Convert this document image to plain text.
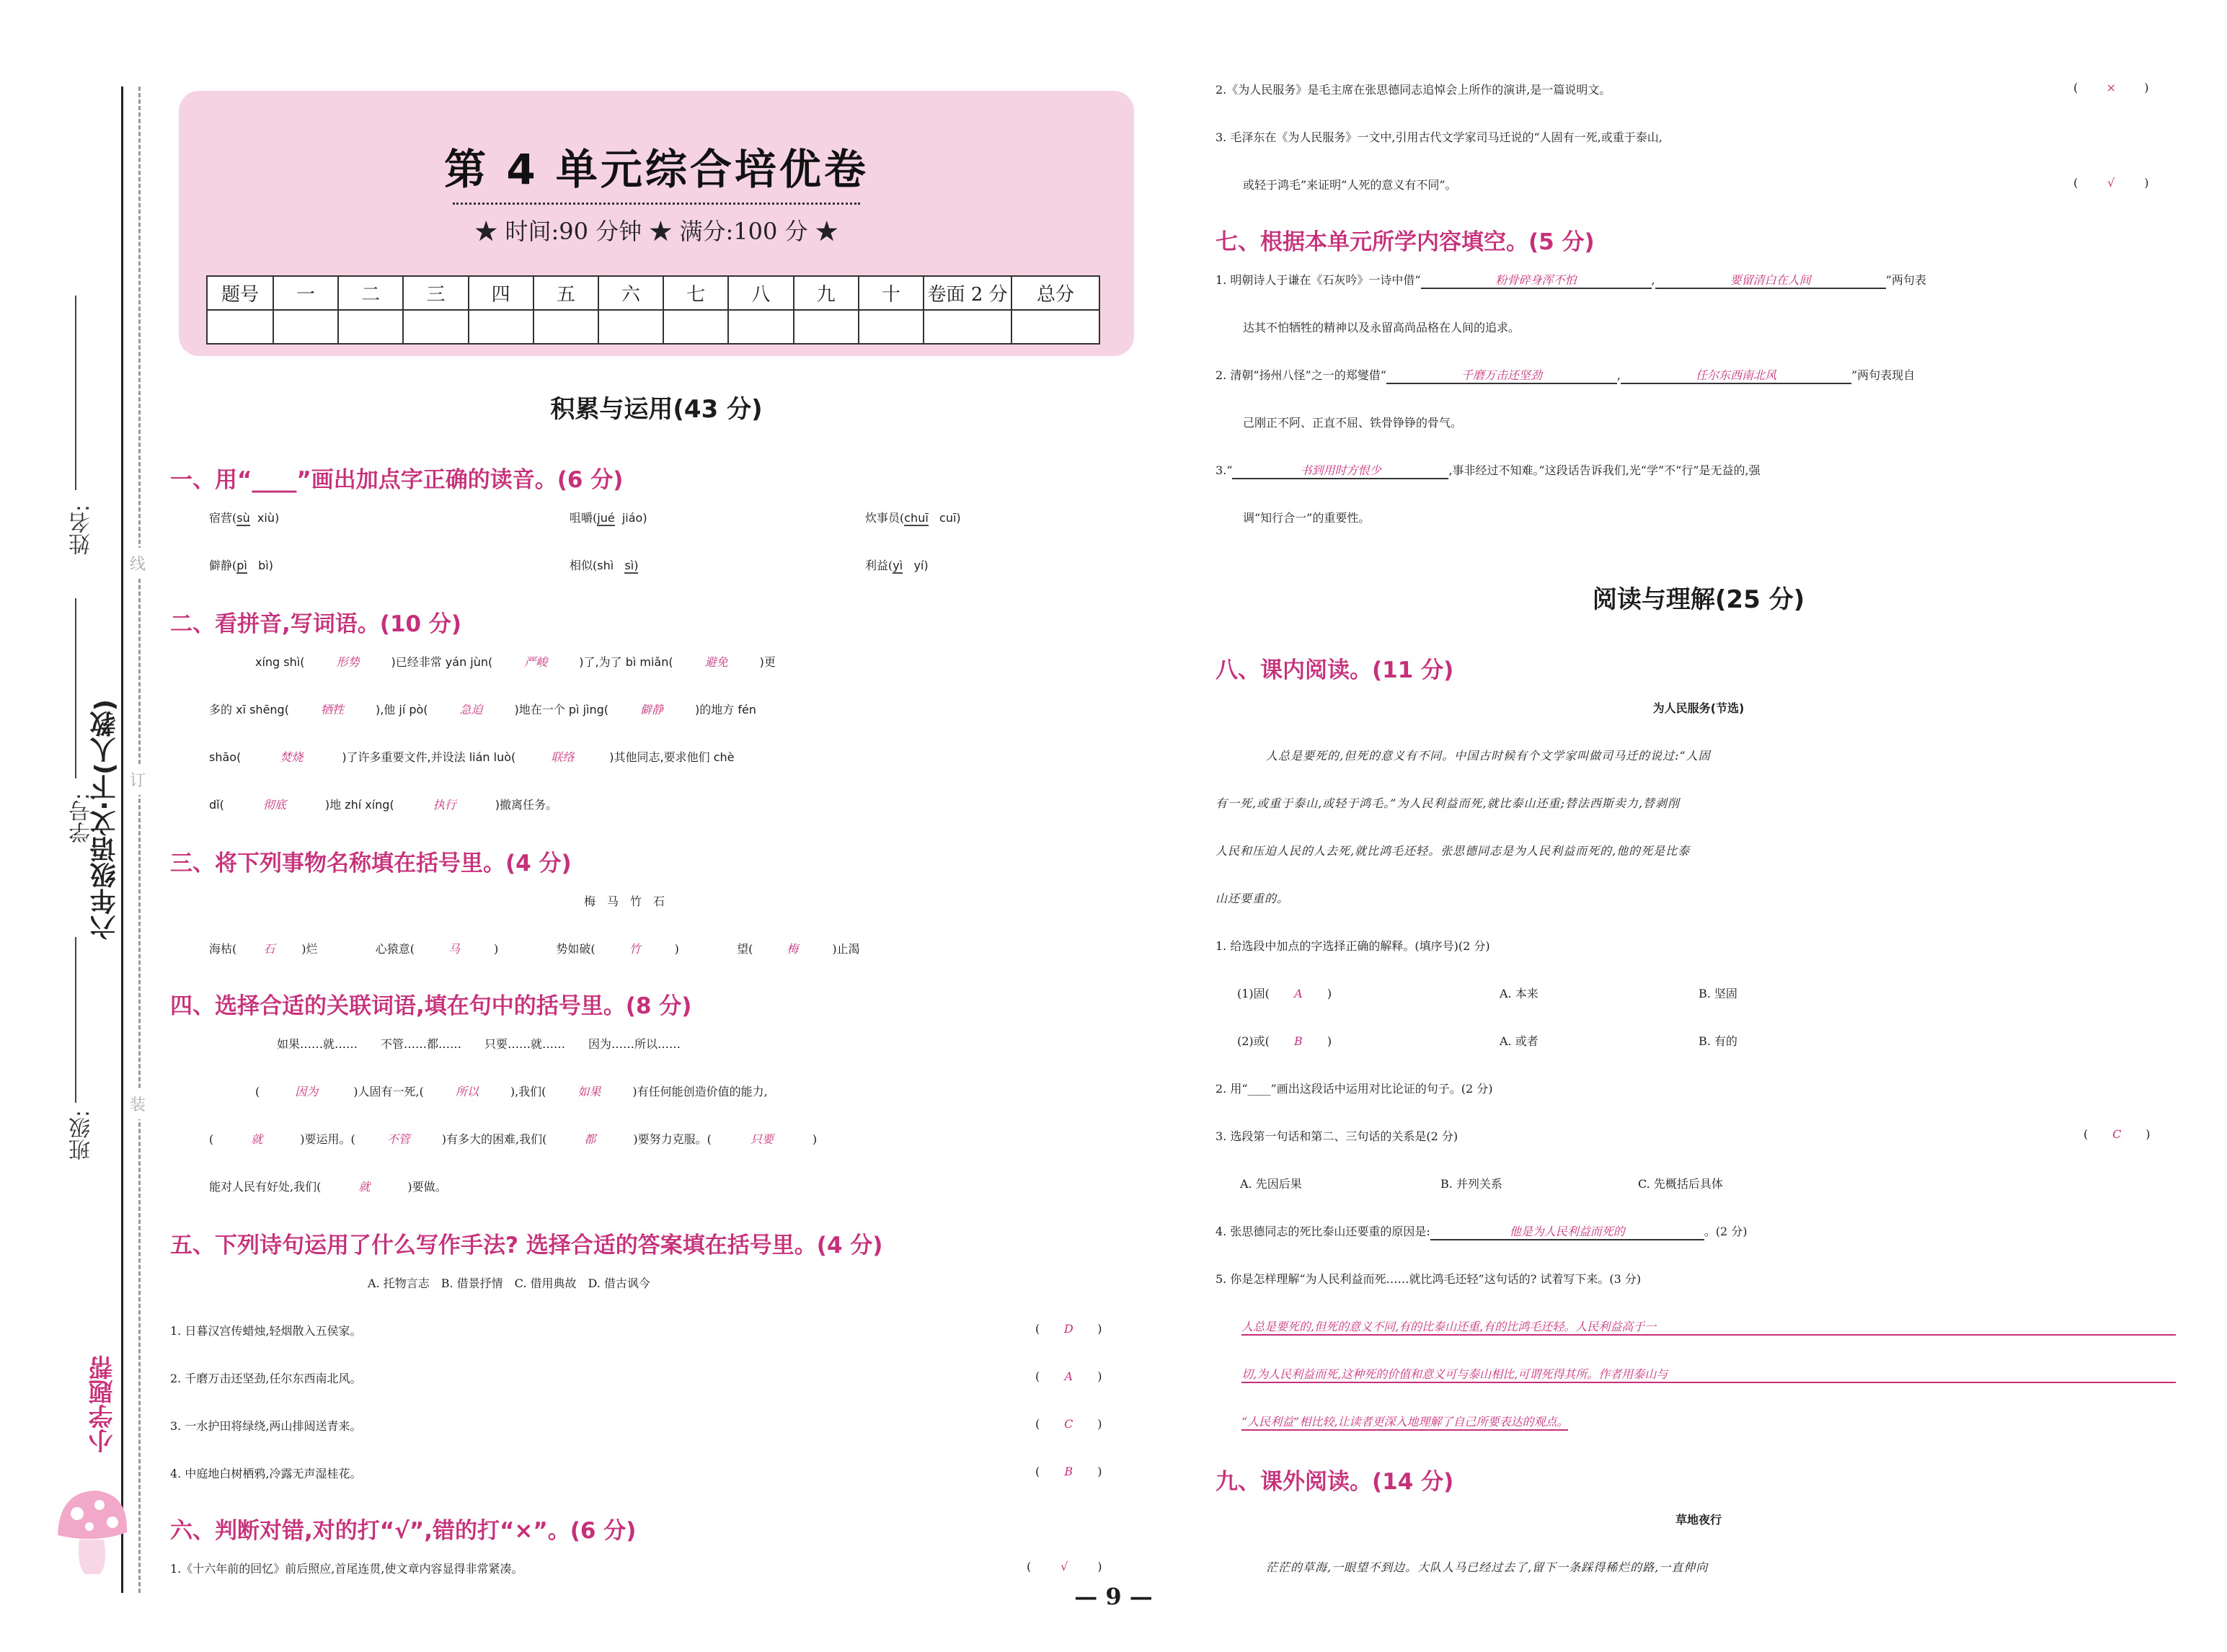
班级:
学号:
姓名:
线
订
装
六年级语文·下(人教)
小学题帮
第 4 单元综合培优卷
★ 时间:90 分钟 ★ 满分:100 分 ★
题号	一	二	三	四	五	六	七	八	九	十	卷面 2 分	总分

积累与运用(43 分)
一、用“____”画出加点字正确的读音。(6 分)
宿营(sù xiù)	咀嚼(jué jiáo)	炊事员(chuī cuī)
僻静(pì bì)	相似(shì sì)	利益(yì yí)
二、看拼音,写词语。(10 分)
xíng shì(	形势	)已经非常 yán jùn(	严峻	)了,为了 bì miǎn(	避免	)更
多的 xī shēng(	牺牲	),他 jí pò(	急迫	)地在一个 pì jìng(	僻静	)的地方 fén
shāo(	焚烧	)了许多重要文件,并设法 lián luò(	联络	)其他同志,要求他们 chè
dǐ(	彻底	)地 zhí xíng(	执行	)撤离任务。
三、将下列事物名称填在括号里。(4 分)
梅　马　竹　石
海枯( 石 )烂	心猿意(	马	)	势如破(	竹	)	望(	梅	)止渴
四、选择合适的关联词语,填在句中的括号里。(8 分)
如果……就……　　不管……都……　　只要……就……　　因为……所以……
(	因为	)人固有一死,(	所以	),我们(	如果	)有任何能创造价值的能力,
(	就	)要运用。(	不管	)有多大的困难,我们(	都	)要努力克服。(	只要	)
能对人民有好处,我们(	就	)要做。
五、下列诗句运用了什么写作手法? 选择合适的答案填在括号里。(4 分)
A. 托物言志　B. 借景抒情　C. 借用典故　D. 借古讽今
1. 日暮汉宫传蜡烛,轻烟散入五侯家。	( D )
2. 千磨万击还坚劲,任尔东西南北风。	( A )
3. 一水护田将绿绕,两山排闼送青来。	( C )
4. 中庭地白树栖鸦,冷露无声湿桂花。	( B )
六、判断对错,对的打“√”,错的打“×”。(6 分)
1.《十六年前的回忆》前后照应,首尾连贯,使文章内容显得非常紧凑。	(	√	)
2.《为人民服务》是毛主席在张思德同志追悼会上所作的演讲,是一篇说明文。	( × )
3. 毛泽东在《为人民服务》一文中,引用古代文学家司马迁说的“人固有一死,或重于泰山,
或轻于鸿毛”来证明“人死的意义有不同”。	(	√	)
七、根据本单元所学内容填空。(5 分)
1. 明朝诗人于谦在《石灰吟》一诗中借“	粉骨碎身浑不怕	,	要留清白在人间	”两句表
达其不怕牺牲的精神以及永留高尚品格在人间的追求。
2. 清朝“扬州八怪”之一的郑燮借“	千磨万击还坚劲	,	任尔东西南北风	”两句表现自
己刚正不阿、正直不屈、铁骨铮铮的骨气。
3.“	书到用时方恨少	,事非经过不知难。”这段话告诉我们,光“学”不“行”是无益的,强
调“知行合一”的重要性。
阅读与理解(25 分)
八、课内阅读。(11 分)
为人民服务(节选)
人总是要死的,但死的意义有不同。中国古时候有个文学家叫做司马迁的说过:“人固
有一死,或重于泰山,或轻于鸿毛。”为人民利益而死,就比泰山还重;替法西斯卖力,替剥削
人民和压迫人民的人去死,就比鸿毛还轻。张思德同志是为人民利益而死的,他的死是比泰
山还要重的。
1. 给选段中加点的字选择正确的解释。(填序号)(2 分)
(1)固( A )	A. 本来	B. 坚固
(2)或( B )	A. 或者	B. 有的
2. 用“____”画出这段话中运用对比论证的句子。(2 分)
3. 选段第一句话和第二、三句话的关系是(2 分)	( C )
A. 先因后果	B. 并列关系	C. 先概括后具体
4. 张思德同志的死比泰山还要重的原因是:	他是为人民利益而死的	。(2 分)
5. 你是怎样理解“为人民利益而死……就比鸿毛还轻”这句话的? 试着写下来。(3 分)
人总是要死的,但死的意义不同,有的比泰山还重,有的比鸿毛还轻。人民利益高于一
切,为人民利益而死,这种死的价值和意义可与泰山相比,可谓死得其所。作者用泰山与
“人民利益”相比较,让读者更深入地理解了自己所要表达的观点。
九、课外阅读。(14 分)
草地夜行
茫茫的草海,一眼望不到边。大队人马已经过去了,留下一条踩得稀烂的路,一直伸向
— 9 —
